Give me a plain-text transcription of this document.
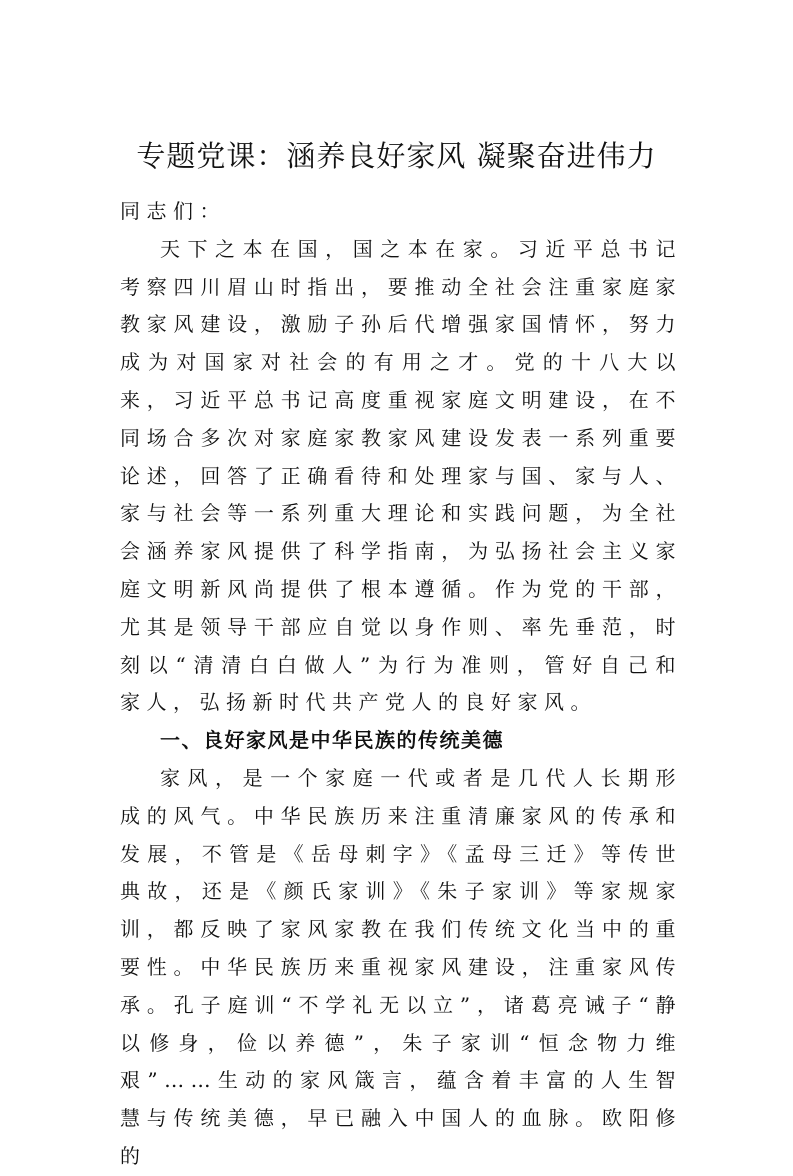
专题党课：涵养良好家风 凝聚奋进伟力

同志们：

天下之本在国，国之本在家。习近平总书记考察四川眉山时指出，要推动全社会注重家庭家教家风建设，激励子孙后代增强家国情怀，努力成为对国家对社会的有用之才。党的十八大以来，习近平总书记高度重视家庭文明建设，在不同场合多次对家庭家教家风建设发表一系列重要论述，回答了正确看待和处理家与国、家与人、家与社会等一系列重大理论和实践问题，为全社会涵养家风提供了科学指南，为弘扬社会主义家庭文明新风尚提供了根本遵循。作为党的干部，尤其是领导干部应自觉以身作则、率先垂范，时刻以“清清白白做人”为行为准则，管好自己和家人，弘扬新时代共产党人的良好家风。

一、良好家风是中华民族的传统美德

家风，是一个家庭一代或者是几代人长期形成的风气。中华民族历来注重清廉家风的传承和发展，不管是《岳母刺字》《孟母三迁》等传世典故，还是《颜氏家训》《朱子家训》等家规家训，都反映了家风家教在我们传统文化当中的重要性。中华民族历来重视家风建设，注重家风传承。孔子庭训“不学礼无以立”，诸葛亮诫子“静以修身，俭以养德”，朱子家训“恒念物力维艰”……生动的家风箴言，蕴含着丰富的人生智慧与传统美德，早已融入中国人的血脉。欧阳修的
